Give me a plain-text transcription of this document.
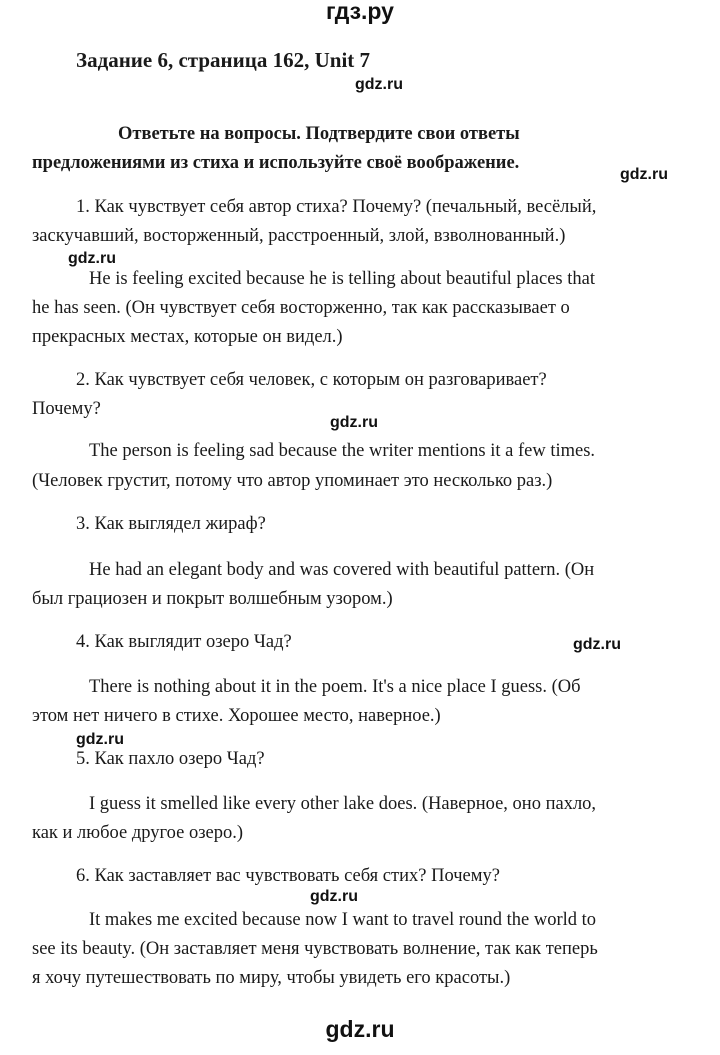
гдз.ру
Задание 6, страница 162, Unit 7
gdz.ru
Ответьте на вопросы. Подтвердите свои ответы
предложениями из стиха и используйте своё воображение.
gdz.ru
1. Как чувствует себя автор стиха? Почему? (печальный, весёлый,
заскучавший, восторженный, расстроенный, злой, взволнованный.)
gdz.ru
He is feeling excited because he is telling about beautiful places that
he has seen. (Он чувствует себя восторженно, так как рассказывает о
прекрасных местах, которые он видел.)
2. Как чувствует себя человек, с которым он разговаривает?
Почему?
gdz.ru
The person is feeling sad because the writer mentions it a few times.
(Человек грустит, потому что автор упоминает это несколько раз.)
3. Как выглядел жираф?
He had an elegant body and was covered with beautiful pattern. (Он
был грациозен и покрыт волшебным узором.)
4. Как выглядит озеро Чад?	gdz.ru
There is nothing about it in the poem. It's a nice place I guess. (Об
этом нет ничего в стихе. Хорошее место, наверное.)
gdz.ru
5. Как пахло озеро Чад?
I guess it smelled like every other lake does. (Наверное, оно пахло,
как и любое другое озеро.)
6. Как заставляет вас чувствовать себя стих? Почему?
gdz.ru
It makes me excited because now I want to travel round the world to
see its beauty. (Он заставляет меня чувствовать волнение, так как теперь
я хочу путешествовать по миру, чтобы увидеть его красоты.)
gdz.ru
